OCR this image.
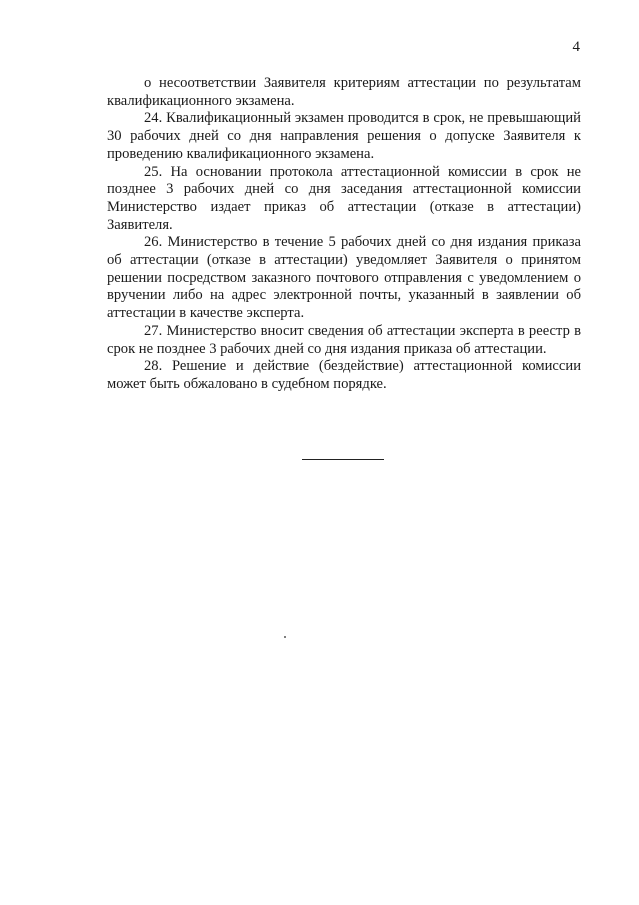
4

о несоответствии Заявителя критериям аттестации по результатам квалификационного экзамена.

24. Квалификационный экзамен проводится в срок, не превышающий 30 рабочих дней со дня направления решения о допуске Заявителя к проведению квалификационного экзамена.

25. На основании протокола аттестационной комиссии в срок не позднее 3 рабочих дней со дня заседания аттестационной комиссии Министерство издает приказ об аттестации (отказе в аттестации) Заявителя.

26. Министерство в течение 5 рабочих дней со дня издания приказа об аттестации (отказе в аттестации) уведомляет Заявителя о принятом решении посредством заказного почтового отправления с уведомлением о вручении либо на адрес электронной почты, указанный в заявлении об аттестации в качестве эксперта.

27. Министерство вносит сведения об аттестации эксперта в реестр в срок не позднее 3 рабочих дней со дня издания приказа об аттестации.

28. Решение и действие (бездействие) аттестационной комиссии может быть обжаловано в судебном порядке.
